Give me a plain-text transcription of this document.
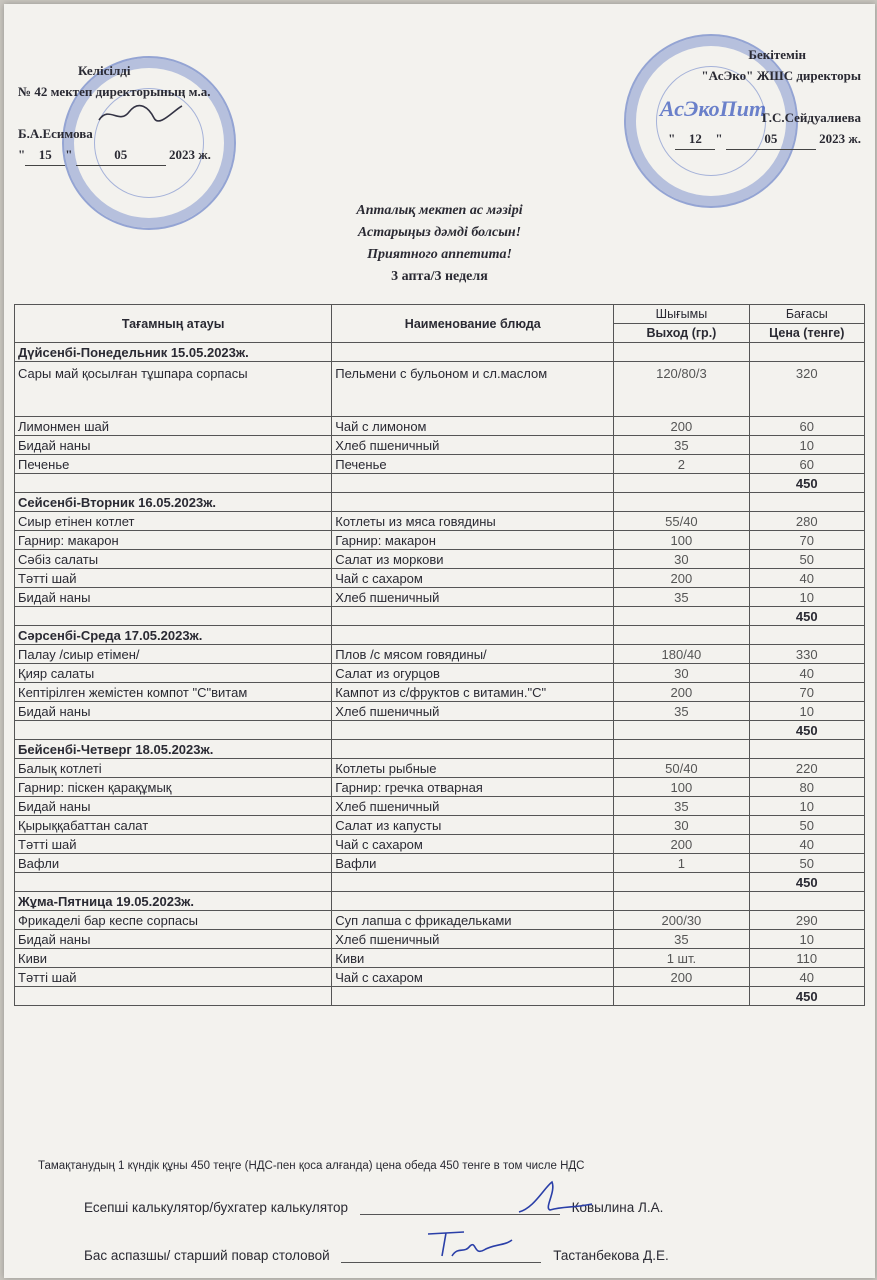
АсЭкоПит
Келісілді
№ 42 мектеп директорының м.а.
Б.А.Есимова
" 15 "	05	2023 ж.
Бекітемін
"АсЭко" ЖШС директоры
Г.С.Сейдуалиева
" 12 "	05	2023 ж.
Апталық мектеп ас мәзірі
Астарыңыз дәмді болсын!
Приятного аппетита!
3 апта/3 неделя
Тағамның атауы	Наименование блюда	Шығымы	Бағасы
		Выход (гр.)	Цена (тенге)
Дүйсенбі-Понедельник 15.05.2023ж.			
Сары май қосылған тұшпара сорпасы	Пельмени с бульоном и сл.маслом	120/80/3	320
Лимонмен шай	Чай с лимоном	200	60
Бидай наны	Хлеб пшеничный	35	10
Печенье	Печенье	2	60
			450
Сейсенбі-Вторник 16.05.2023ж.			
Сиыр етінен котлет	Котлеты из мяса говядины	55/40	280
Гарнир: макарон	Гарнир: макарон	100	70
Сәбіз салаты	Салат из моркови	30	50
Тәтті шай	Чай с сахаром	200	40
Бидай наны	Хлеб пшеничный	35	10
			450
Сәрсенбі-Среда 17.05.2023ж.			
Палау /сиыр етімен/	Плов /с мясом говядины/	180/40	330
Қияр салаты	Салат из огурцов	30	40
Кептірілген жемістен компот "С"витам	Кампот из с/фруктов с витамин."С"	200	70
Бидай наны	Хлеб пшеничный	35	10
			450
Бейсенбі-Четверг 18.05.2023ж.			
Балық котлеті	Котлеты рыбные	50/40	220
Гарнир: піскен қарақұмық	Гарнир: гречка отварная	100	80
Бидай наны	Хлеб пшеничный	35	10
Қырыққабаттан салат	Салат из капусты	30	50
Тәтті шай	Чай с сахаром	200	40
Вафли	Вафли	1	50
			450
Жұма-Пятница 19.05.2023ж.			
Фрикаделі бар кеспе сорпасы	Суп лапша с фрикадельками	200/30	290
Бидай наны	Хлеб пшеничный	35	10
Киви	Киви	1 шт.	110
Тәтті шай	Чай с сахаром	200	40
			450
Тамақтанудың 1 күндік құны 450 теңге (НДС-пен қоса алғанда) цена обеда 450 тенге в том числе НДС
Есепші калькулятор/бухгатер калькулятор	Ковылина Л.А.
Бас аспазшы/ старший повар столовой	Тастанбекова Д.Е.
